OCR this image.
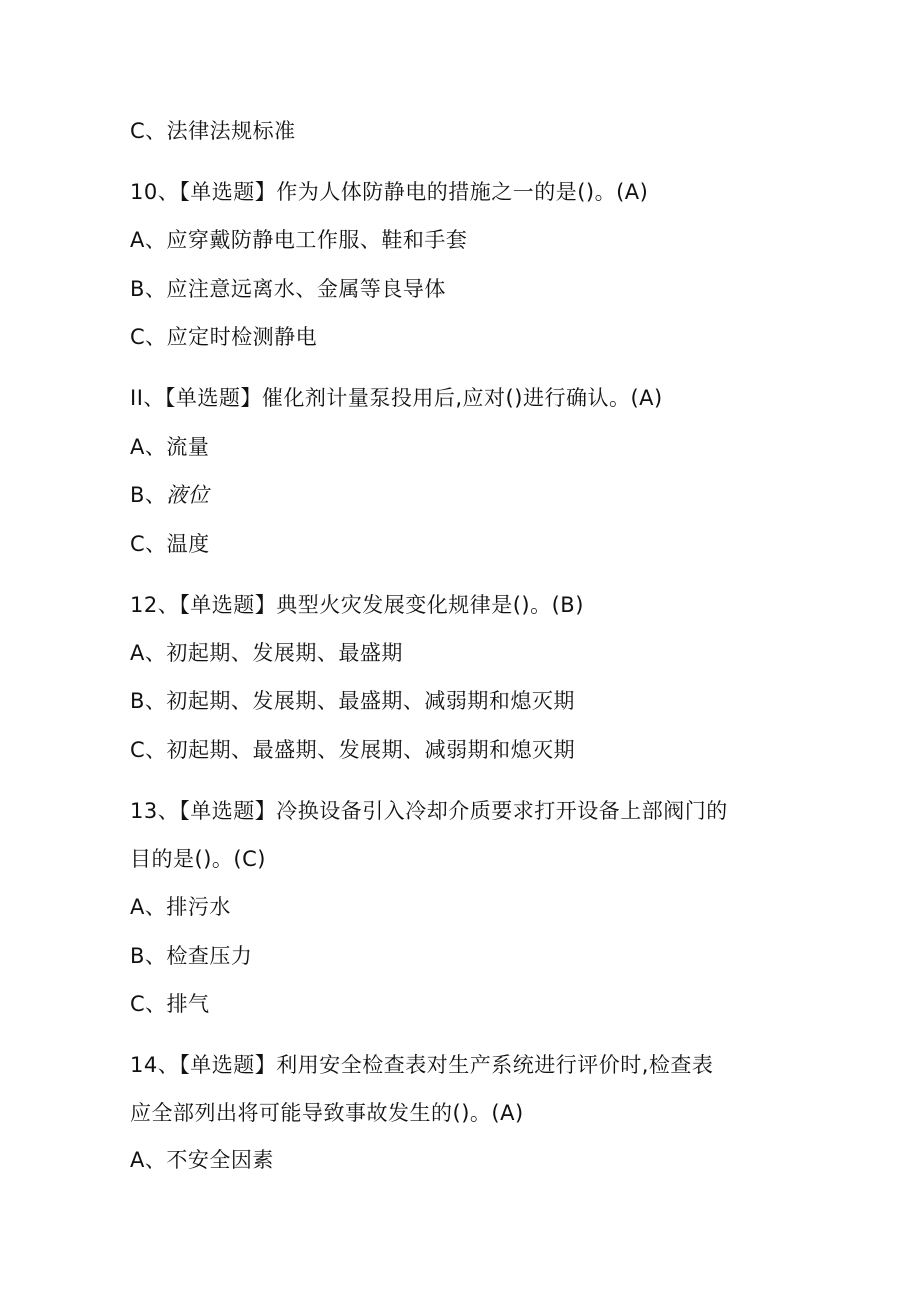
C、法律法规标准
10、【单选题】作为人体防静电的措施之一的是()。(A)
A、应穿戴防静电工作服、鞋和手套
B、应注意远离水、金属等良导体
C、应定时检测静电
II、【单选题】催化剂计量泵投用后,应对()进行确认。(A)
A、流量
B、液位
C、温度
12、【单选题】典型火灾发展变化规律是()。(B)
A、初起期、发展期、最盛期
B、初起期、发展期、最盛期、减弱期和熄灭期
C、初起期、最盛期、发展期、减弱期和熄灭期
13、【单选题】冷换设备引入冷却介质要求打开设备上部阀门的
目的是()。(C)
A、排污水
B、检查压力
C、排气
14、【单选题】利用安全检查表对生产系统进行评价时,检查表
应全部列出将可能导致事故发生的()。(A)
A、不安全因素
